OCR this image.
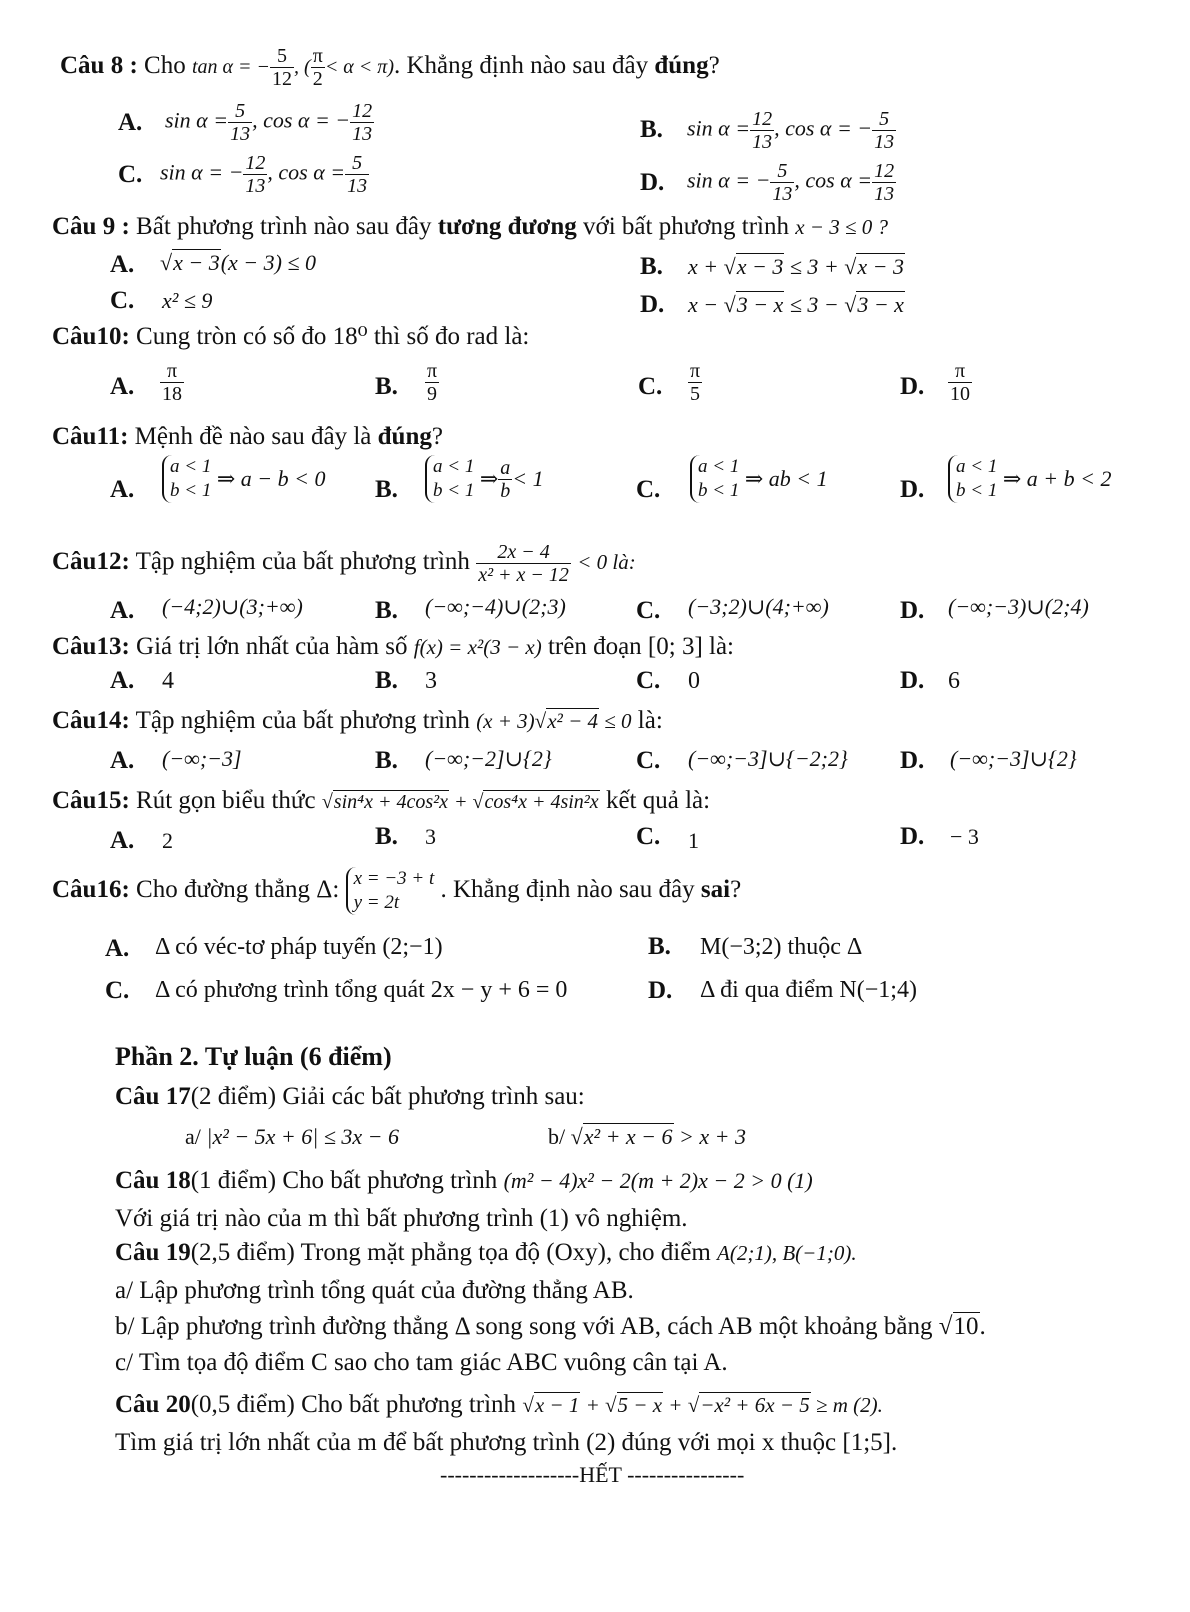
Câu 8 : Cho tan α = − $\frac{5}{12}$ , ( $\frac{\pi}{2} < \alpha < \pi$). Khẳng định nào sau đây đúng?
A. $\sin \alpha = \frac{5}{13}$ , cos α = − $\frac{12}{13}$	B. $\sin \alpha = \frac{12}{13}$ , cos α = − $\frac{5}{13}$
C. sin α = − $\frac{12}{13}$ , $\cos \alpha = \frac{5}{13}$	D. sin α = − $\frac{5}{13}$ , $\cos \alpha = \frac{12}{13}$
Câu 9 : Bất phương trình nào sau đây tương đương với bất phương trình x − 3 ≤ 0 ?
A. √x − 3(x − 3) ≤ 0	B. x + √x − 3 ≤ 3 + √x − 3
C. x² ≤ 9	D. x − √3 − x ≤ 3 − √3 − x
Câu10: Cung tròn có số đo 18⁰ thì số đo rad là:
A. $\frac{\pi}{18}$	B. $\frac{\pi}{9}$	C. $\frac{\pi}{5}$	D. $\frac{\pi}{10}$
Câu11: Mệnh đề nào sau đây là đúng?
A.
a < 1
b < 1 ⇒ a − b < 0 B.
a < 1
b < 1 ⇒ $\frac{a}{b} < 1$	C.
a < 1
b < 1 ⇒ ab < 1	D.
a < 1
b < 1 ⇒ a + b < 2
Câu12: Tập nghiệm của bất phương trình $\frac{2x - 4}{\text{x² + x − 12}} < 0$ là:
A. (−4;2)∪(3;+∞)	B. (−∞;−4)∪(2;3)	C. (−3;2)∪(4;+∞)	D. (−∞;−3)∪(2;4)
Câu13: Giá trị lớn nhất của hàm số f(x) = x²(3 − x) trên đoạn [0; 3] là:
A. 4	B. 3	C. 0	D. 6
Câu14: Tập nghiệm của bất phương trình (x + 3)√x² − 4 ≤ 0 là:
A. (−∞;−3]	B. (−∞;−2]∪{2}	C. (−∞;−3]∪{−2;2} D. (−∞;−3]∪{2}
Câu15: Rút gọn biểu thức √sin⁴x + 4cos²x + √cos⁴x + 4sin²x kết quả là:
A. 2	B. 3	C. 1	D. − 3
Câu16: Cho đường thẳng Δ: x = −3 + t
y = 2t	. Khẳng định nào sau đây sai?
A. Δ có véc-tơ pháp tuyến (2;−1)	B. M(−3;2) thuộc Δ
C. Δ có phương trình tổng quát 2x − y + 6 = 0	D. Δ đi qua điểm N(−1;4)
Phần 2. Tự luận (6 điểm)
Câu 17(2 điểm) Giải các bất phương trình sau:
a/ |x² − 5x + 6| ≤ 3x − 6	b/ √x² + x − 6 > x + 3
Câu 18(1 điểm) Cho bất phương trình (m² − 4)x² − 2(m + 2)x − 2 > 0 (1)
Với giá trị nào của m thì bất phương trình (1) vô nghiệm.
Câu 19(2,5 điểm) Trong mặt phẳng tọa độ (Oxy), cho điểm A(2;1), B(−1;0).
a/ Lập phương trình tổng quát của đường thẳng AB.
b/ Lập phương trình đường thẳng Δ song song với AB, cách AB một khoảng bằng √10.
c/ Tìm tọa độ điểm C sao cho tam giác ABC vuông cân tại A.
Câu 20(0,5 điểm) Cho bất phương trình √x − 1 + √5 − x + √−x² + 6x − 5 ≥ m (2).
Tìm giá trị lớn nhất của m để bất phương trình (2) đúng với mọi x thuộc [1;5].
-------------------HẾT ----------------
